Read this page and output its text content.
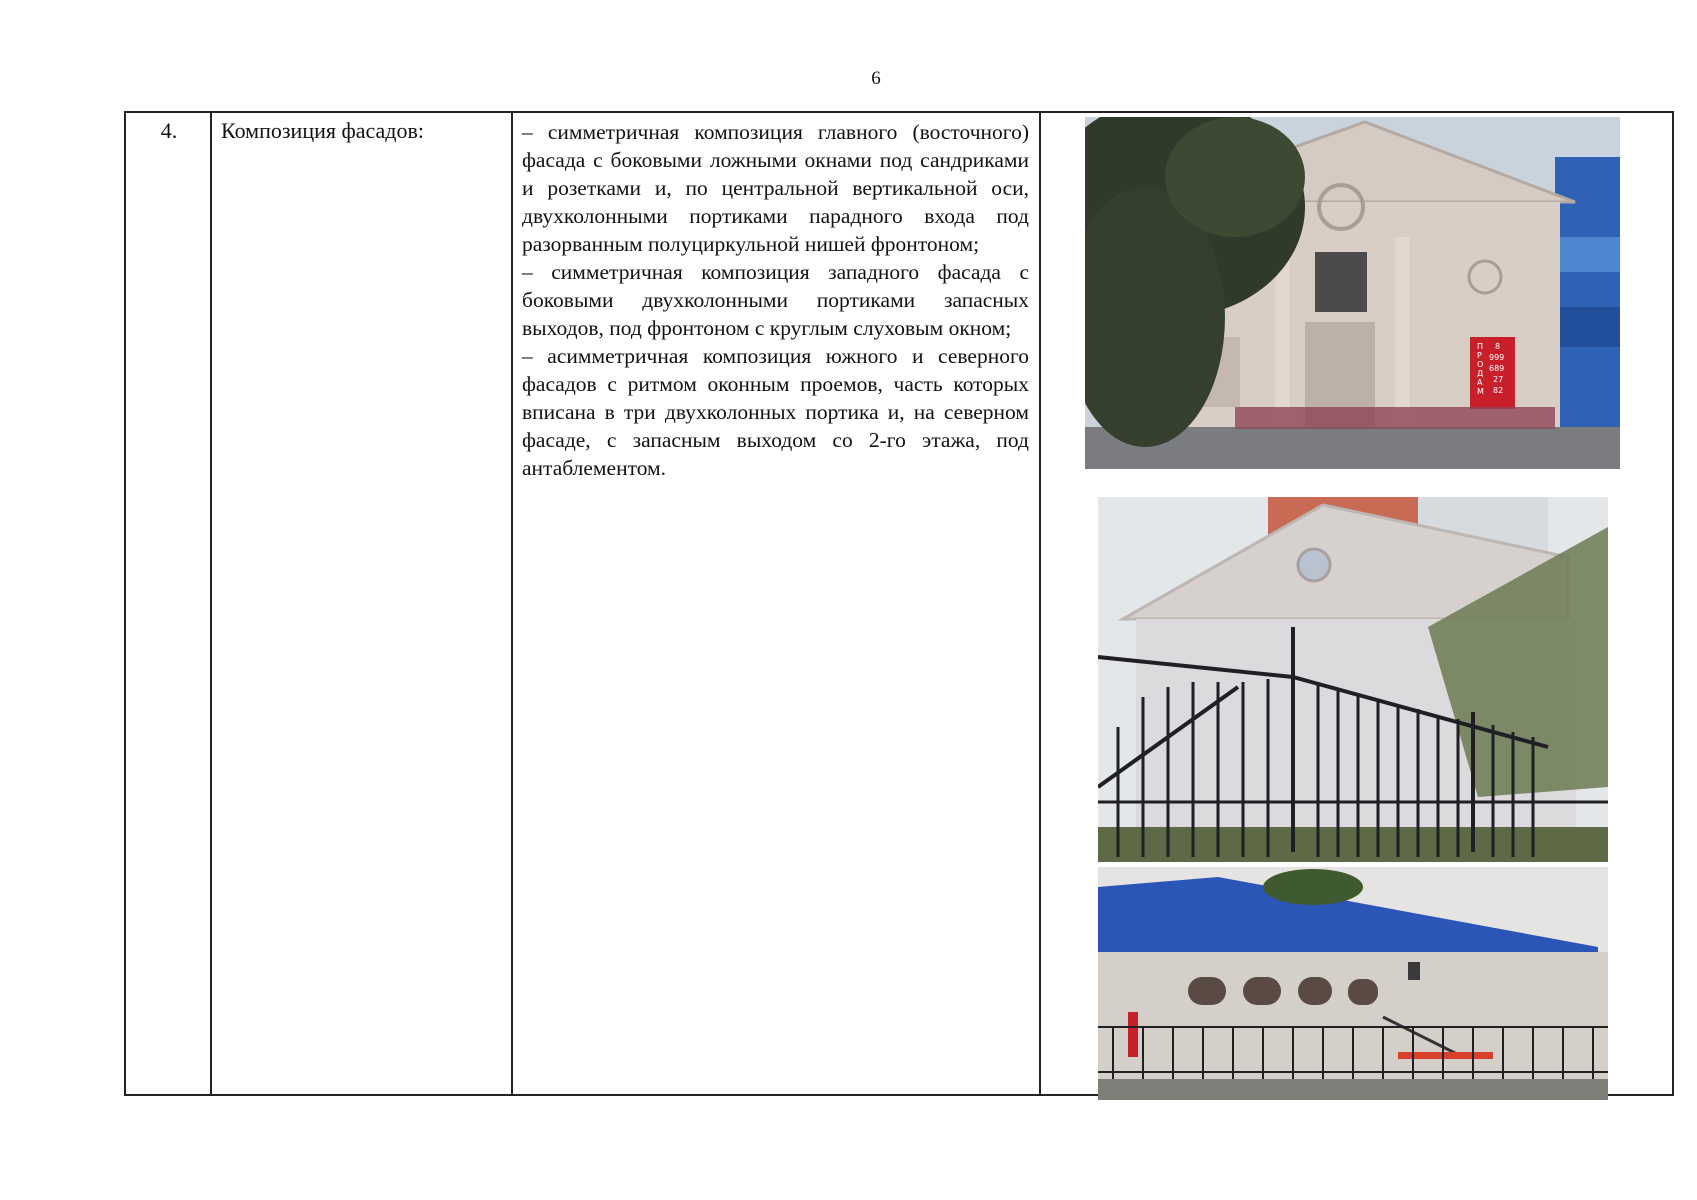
6
4.	Композиция фасадов:	– симметричная композиция главного (восточного) фасада с боковыми ложными окнами под сандриками и розетками и, по центральной вертикальной оси, двухколонными портиками парадного входа под разорванным полуциркульной нишей фронтоном;

– симметричная композиция западного фасада с боковыми двухколонными портиками запасных выходов, под фронтоном с круглым слуховым окном;

– асимметричная композиция южного и северного фасадов с ритмом оконным проемов, часть которых вписана в три двухколонных портика и, на северном фасаде, с запасным выходом со 2-го этажа, под антаблементом.

П Р О Д А М
8 999 689 27 82
